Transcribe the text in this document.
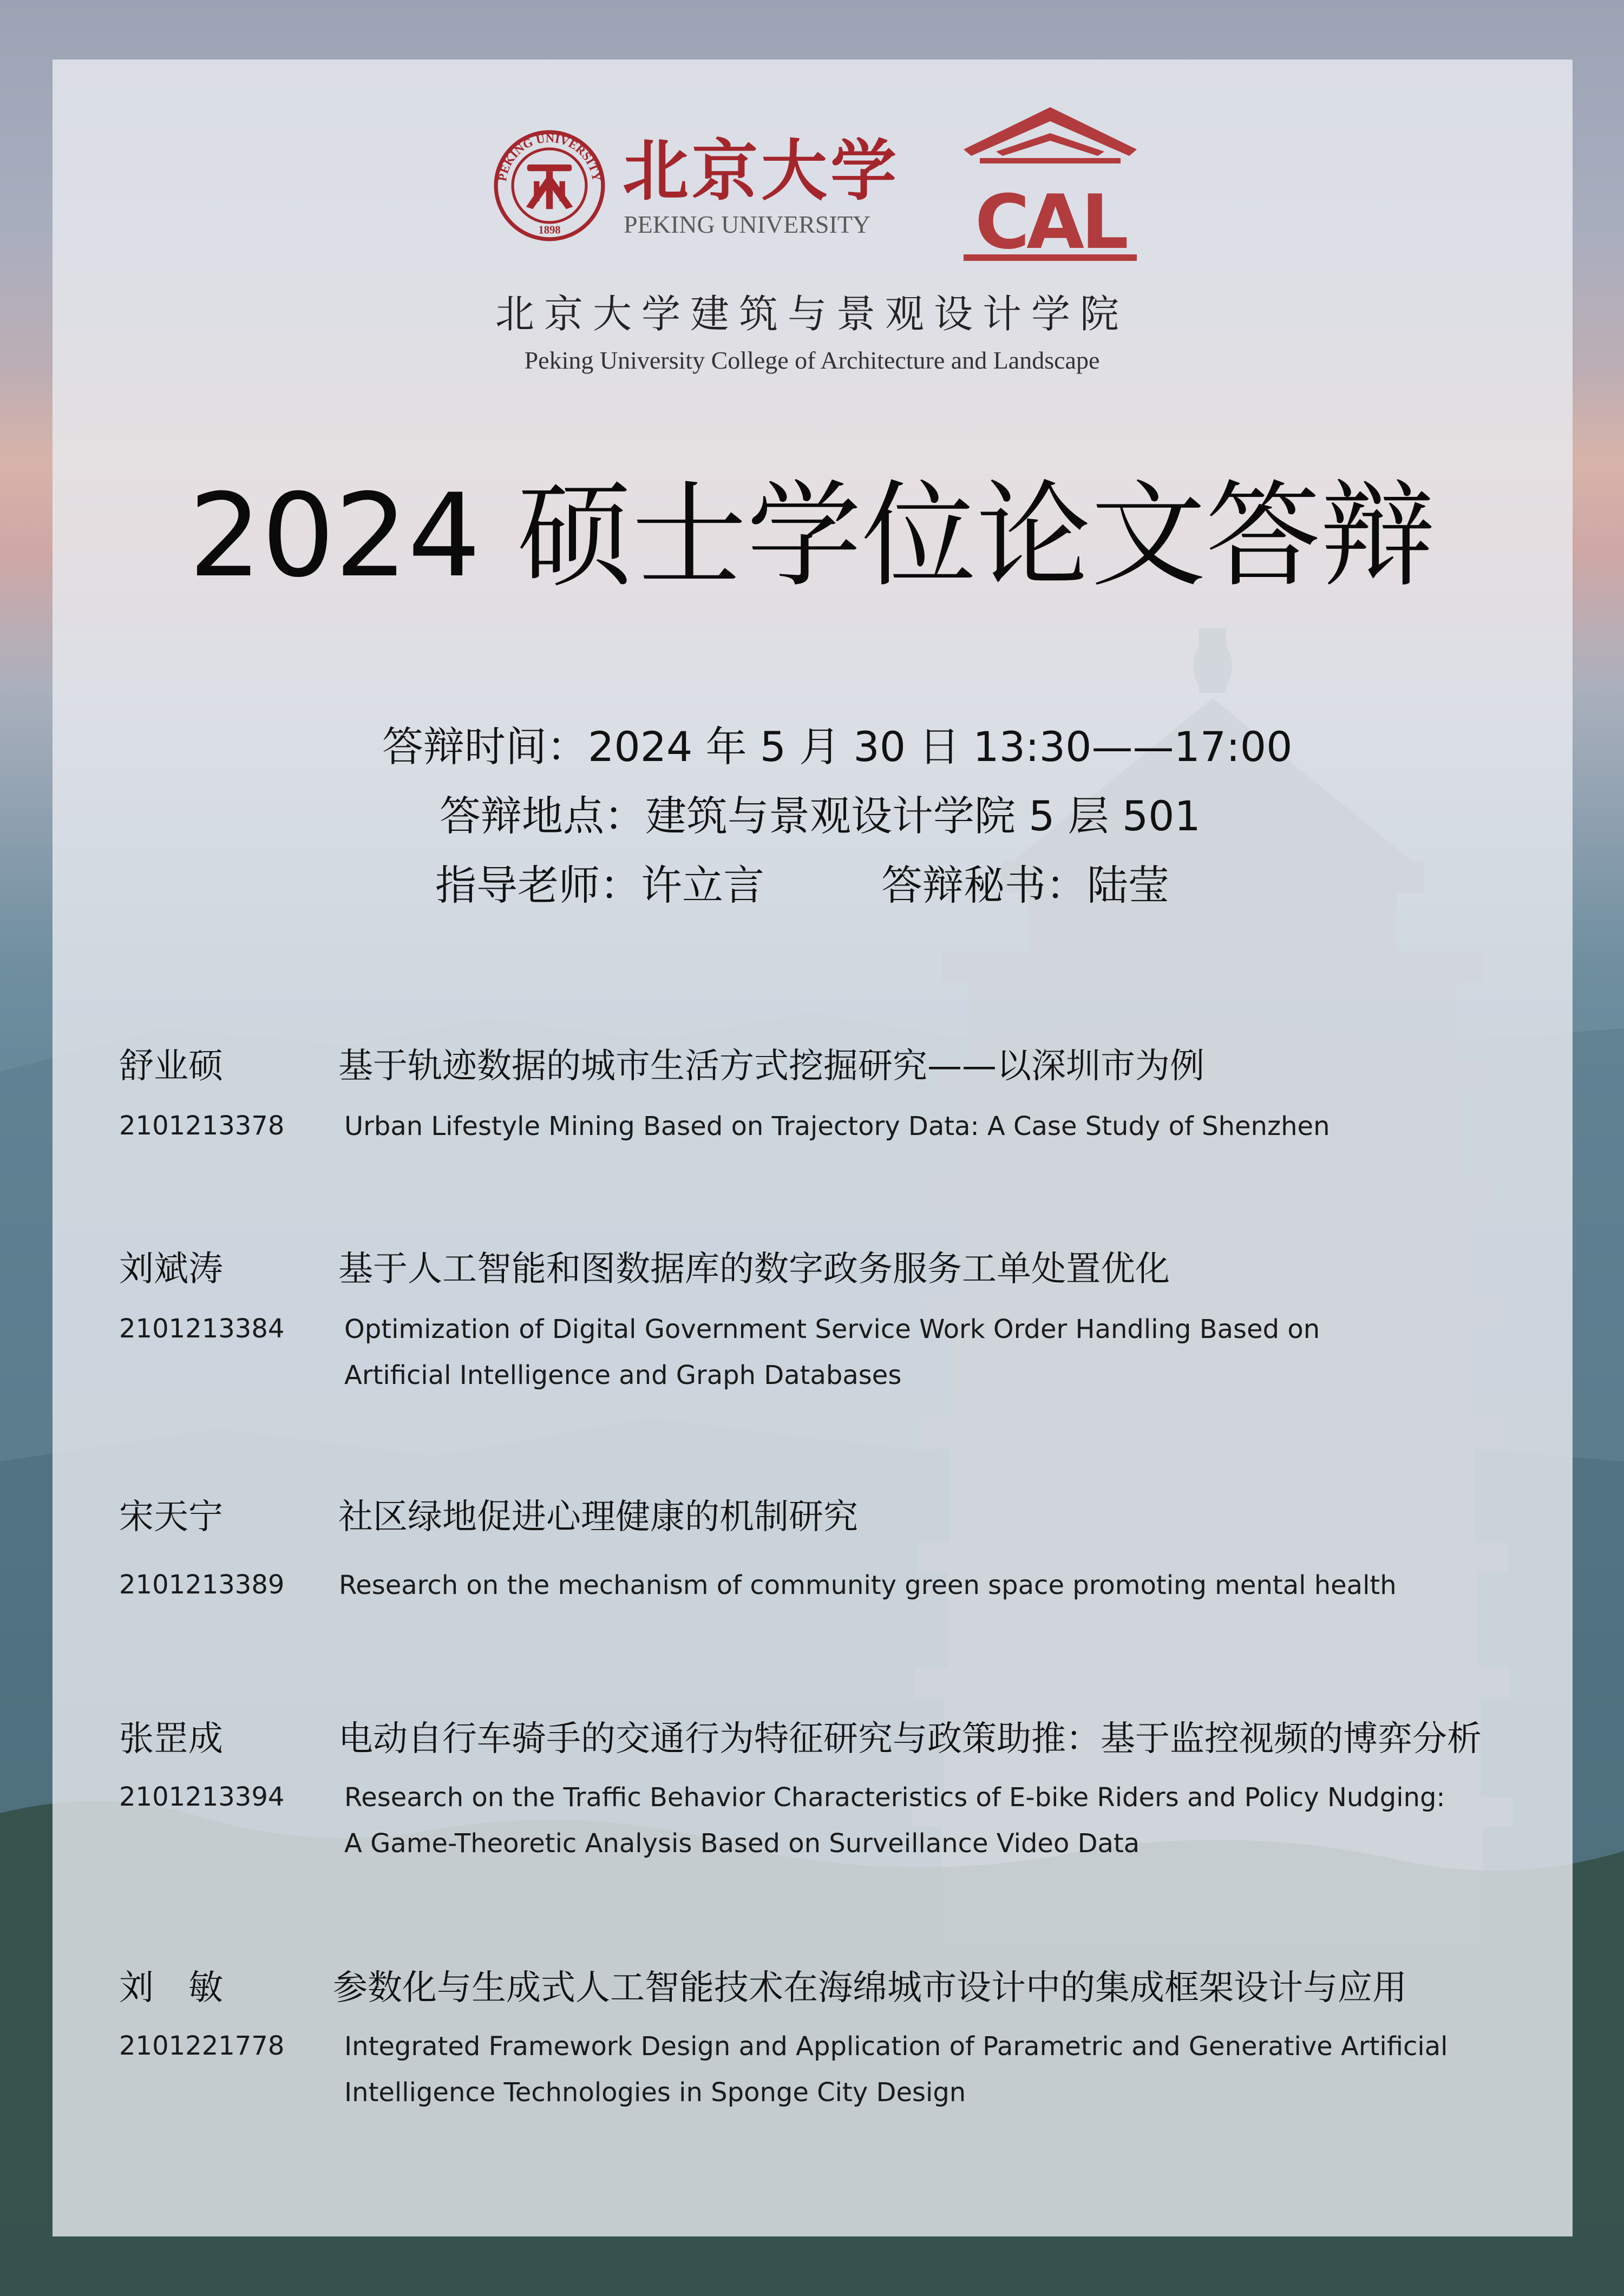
PEKING UNIVERSITY
1898
北京大学
PEKING UNIVERSITY CAL
北京大学建筑与景观设计学院
Peking University College of Architecture and Landscape
2024 硕士学位论文答辩
答辩时间：2024 年 5 月 30 日 13:30——17:00
答辩地点：建筑与景观设计学院 5 层 501
指导老师：许立言	答辩秘书：陆莹
舒业硕	基于轨迹数据的城市生活方式挖掘研究——以深圳市为例
2101213378 Urban Lifestyle Mining Based on Trajectory Data: A Case Study of Shenzhen
刘斌涛	基于人工智能和图数据库的数字政务服务工单处置优化
2101213384 Optimization of Digital Government Service Work Order Handling Based on
Artificial Intelligence and Graph Databases
宋天宁	社区绿地促进心理健康的机制研究
2101213389 Research on the mechanism of community green space promoting mental health
张罡成	电动自行车骑手的交通行为特征研究与政策助推：基于监控视频的博弈分析
2101213394 Research on the Traffic Behavior Characteristics of E-bike Riders and Policy Nudging:
A Game-Theoretic Analysis Based on Surveillance Video Data
刘　敏	参数化与生成式人工智能技术在海绵城市设计中的集成框架设计与应用
2101221778 Integrated Framework Design and Application of Parametric and Generative Artificial
Intelligence Technologies in Sponge City Design
